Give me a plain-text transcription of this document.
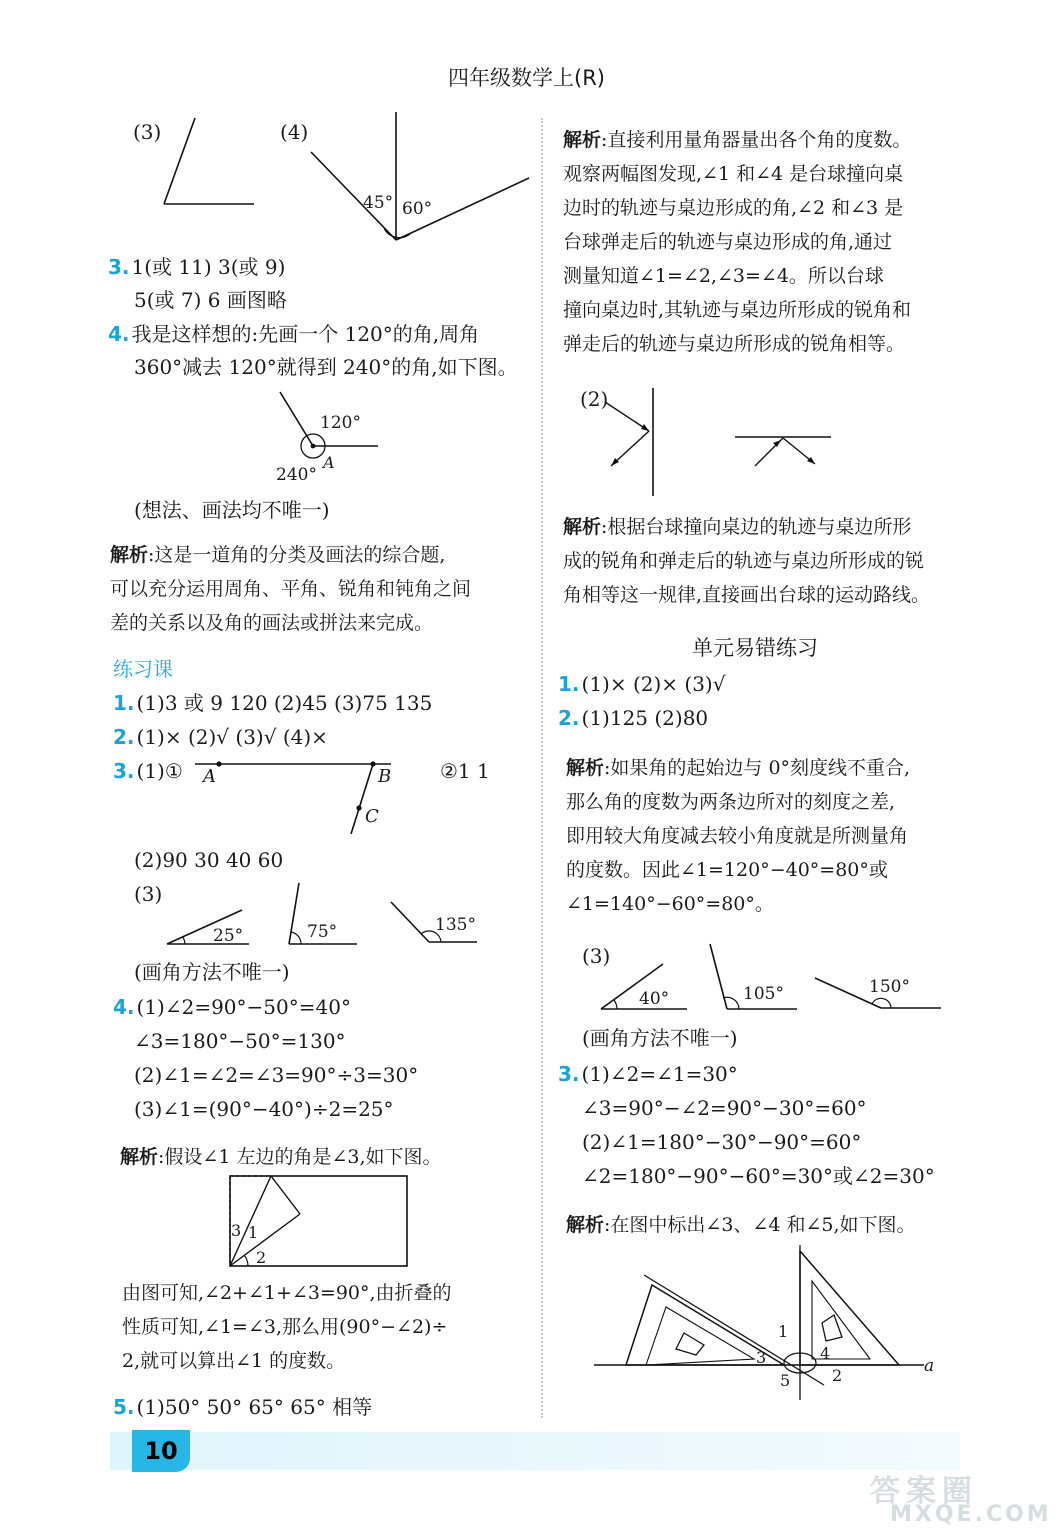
四年级数学上(R)
(3)	(4)
45° 60°
3. 1(或 11) 3(或 9)
5(或 7) 6 画图略
4. 我是这样想的:先画一个 120°的角,周角
360°减去 120°就得到 240°的角,如下图。
120°
240°
A
(想法、画法均不唯一)
解析:这是一道角的分类及画法的综合题,
可以充分运用周角、平角、锐角和钝角之间
差的关系以及角的画法或拼法来完成。
练习课
1. (1)3 或 9 120 (2)45 (3)75 135
2. (1)× (2)√ (3)√ (4)×
3. (1)① A	B
C
②1 1
(2)90 30 40 60
(3)
25°	75°	135°
(画角方法不唯一)
4. (1)∠2=90°−50°=40°
∠3=180°−50°=130°
(2)∠1=∠2=∠3=90°÷3=30°
(3)∠1=(90°−40°)÷2=25°
解析:假设∠1 左边的角是∠3,如下图。
3 1
2
由图可知,∠2+∠1+∠3=90°,由折叠的
性质可知,∠1=∠3,那么用(90°−∠2)÷
2,就可以算出∠1 的度数。
5. (1)50° 50° 65° 65° 相等
解析:直接利用量角器量出各个角的度数。
观察两幅图发现,∠1 和∠4 是台球撞向桌
边时的轨迹与桌边形成的角,∠2 和∠3 是
台球弹走后的轨迹与桌边形成的角,通过
测量知道∠1=∠2,∠3=∠4。所以台球
撞向桌边时,其轨迹与桌边所形成的锐角和
弹走后的轨迹与桌边所形成的锐角相等。
(2)
解析:根据台球撞向桌边的轨迹与桌边所形
成的锐角和弹走后的轨迹与桌边所形成的锐
角相等这一规律,直接画出台球的运动路线。
单元易错练习
1. (1)× (2)× (3)√
2. (1)125 (2)80
解析:如果角的起始边与 0°刻度线不重合,
那么角的度数为两条边所对的刻度之差,
即用较大角度减去较小角度就是所测量角
的度数。因此∠1=120°−40°=80°或
∠1=140°−60°=80°。
(3)
40°	105°	150°
(画角方法不唯一)
3. (1)∠2=∠1=30°
∠3=90°−∠2=90°−30°=60°
(2)∠1=180°−30°−90°=60°
∠2=180°−90°−60°=30°或∠2=30°
解析:在图中标出∠3、∠4 和∠5,如下图。
1
2
3	4
5
a
10
答案圈
MXQE.COM
